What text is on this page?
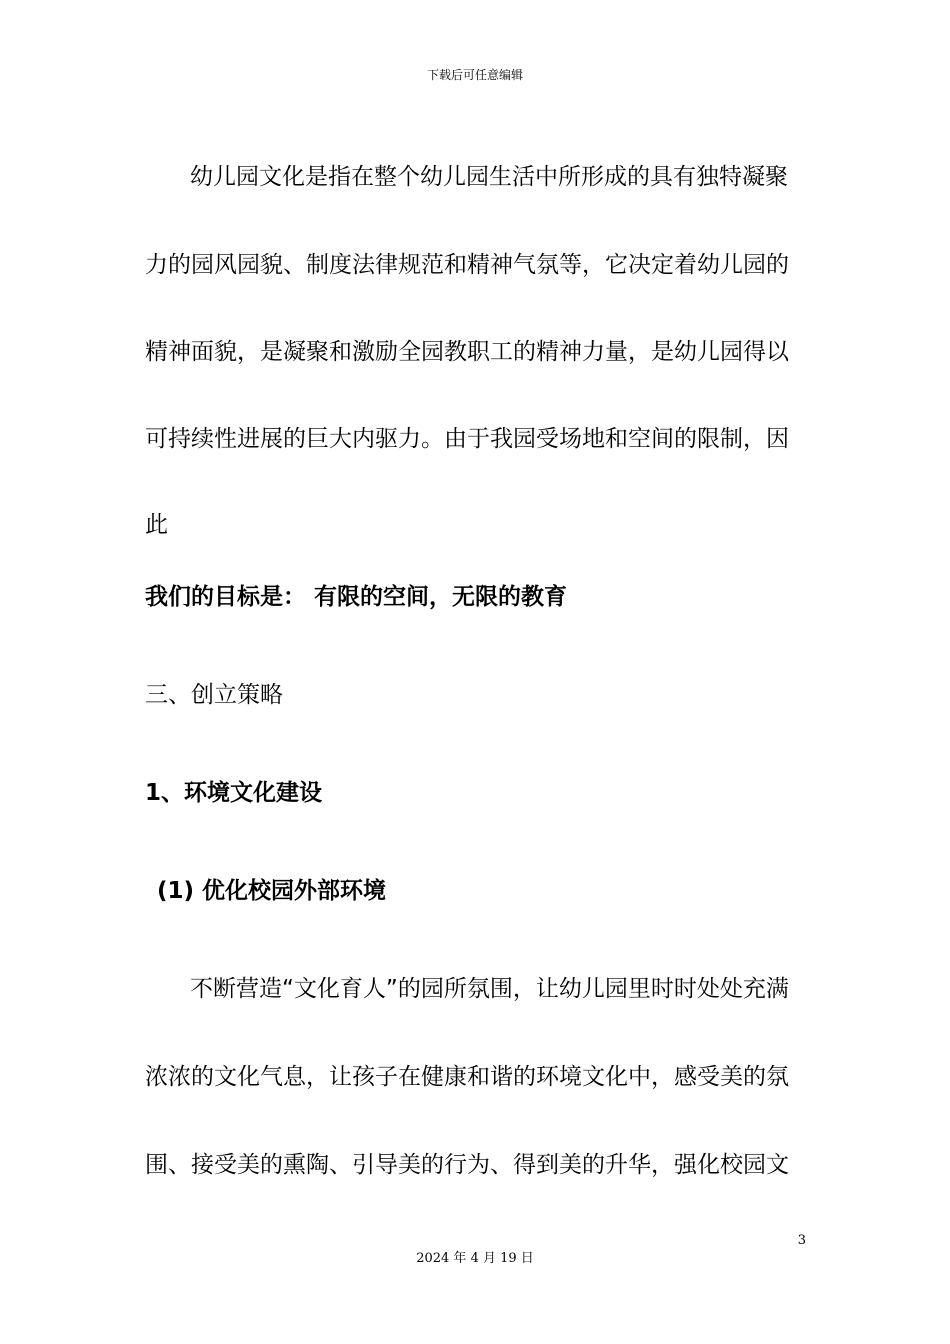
下载后可任意编辑
幼儿园文化是指在整个幼儿园生活中所形成的具有独特凝聚
力的园风园貌、制度法律规范和精神气氛等，它决定着幼儿园的
精神面貌，是凝聚和激励全园教职工的精神力量，是幼儿园得以
可持续性进展的巨大内驱力。由于我园受场地和空间的限制，因
此
我们的目标是： 有限的空间，无限的教育
三、创立策略
1、环境文化建设
(1) 优化校园外部环境
不断营造“文化育人”的园所氛围，让幼儿园里时时处处充满
浓浓的文化气息，让孩子在健康和谐的环境文化中，感受美的氛
围、接受美的熏陶、引导美的行为、得到美的升华，强化校园文
3
2024 年 4 月 19 日
